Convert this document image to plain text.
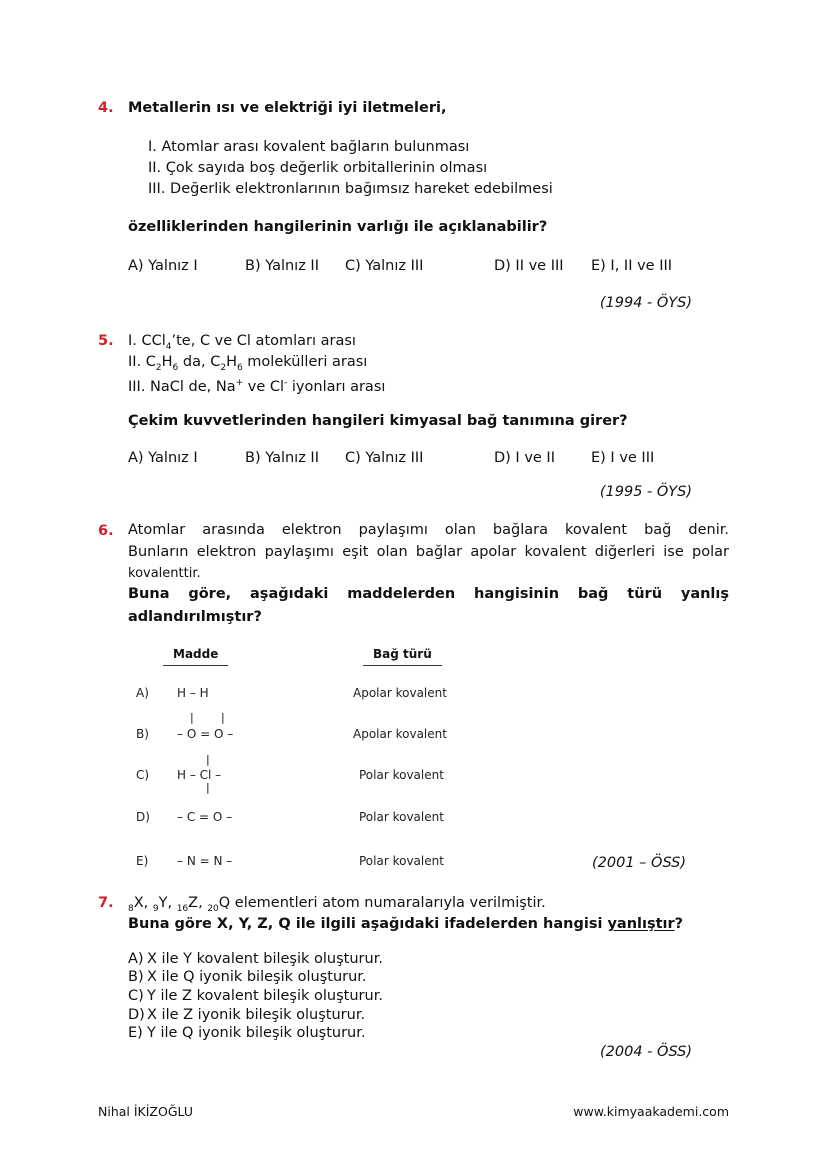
4. Metallerin ısı ve elektriği iyi iletmeleri,
I. Atomlar arası kovalent bağların bulunması
II. Çok sayıda boş değerlik orbitallerinin olması
III. Değerlik elektronlarının bağımsız hareket edebilmesi
özelliklerinden hangilerinin varlığı ile açıklanabilir?
A) Yalnız I	B) Yalnız II C) Yalnız III	D) II ve III E) I, II ve III
(1994 - ÖYS)
5. I. CCl$_4$’te, C ve Cl atomları arası
II. $C_2H_6$ da, $C_2H_6$ molekülleri arası
III. NaCl de, Na+ ve Cl- iyonları arası
Çekim kuvvetlerinden hangileri kimyasal bağ tanımına girer?
A) Yalnız I	B) Yalnız II C) Yalnız III	D) I ve II E) I ve III
(1995 - ÖYS)
6. Atomlar arasında elektron paylaşımı olan bağlara kovalent bağ denir.
Bunların elektron paylaşımı eşit olan bağlar apolar kovalent diğerleri ise polar
kovalenttir.
Buna göre, aşağıdaki maddelerden hangisinin bağ türü yanlış
adlandırılmıştır?
Madde	Bağ türü
A) H – H	Apolar kovalent
| |
B) – O = O –	Apolar kovalent
|
|
C) H – Cl –	Polar kovalent
D) – C = O –	Polar kovalent
E) – N = N –	Polar kovalent	(2001 – ÖSS)
7. $_8$X, $_9$Y, $_{16}$Z, $_{20}$Q elementleri atom numaralarıyla verilmiştir.
Buna göre X, Y, Z, Q ile ilgili aşağıdaki ifadelerden hangisi yanlıştır?
A) X ile Y kovalent bileşik oluşturur.
B) X ile Q iyonik bileşik oluşturur.
C) Y ile Z kovalent bileşik oluşturur.
D) X ile Z iyonik bileşik oluşturur.
E) Y ile Q iyonik bileşik oluşturur.
(2004 - ÖSS)
Nihal İKİZOĞLU	www.kimyaakademi.com
